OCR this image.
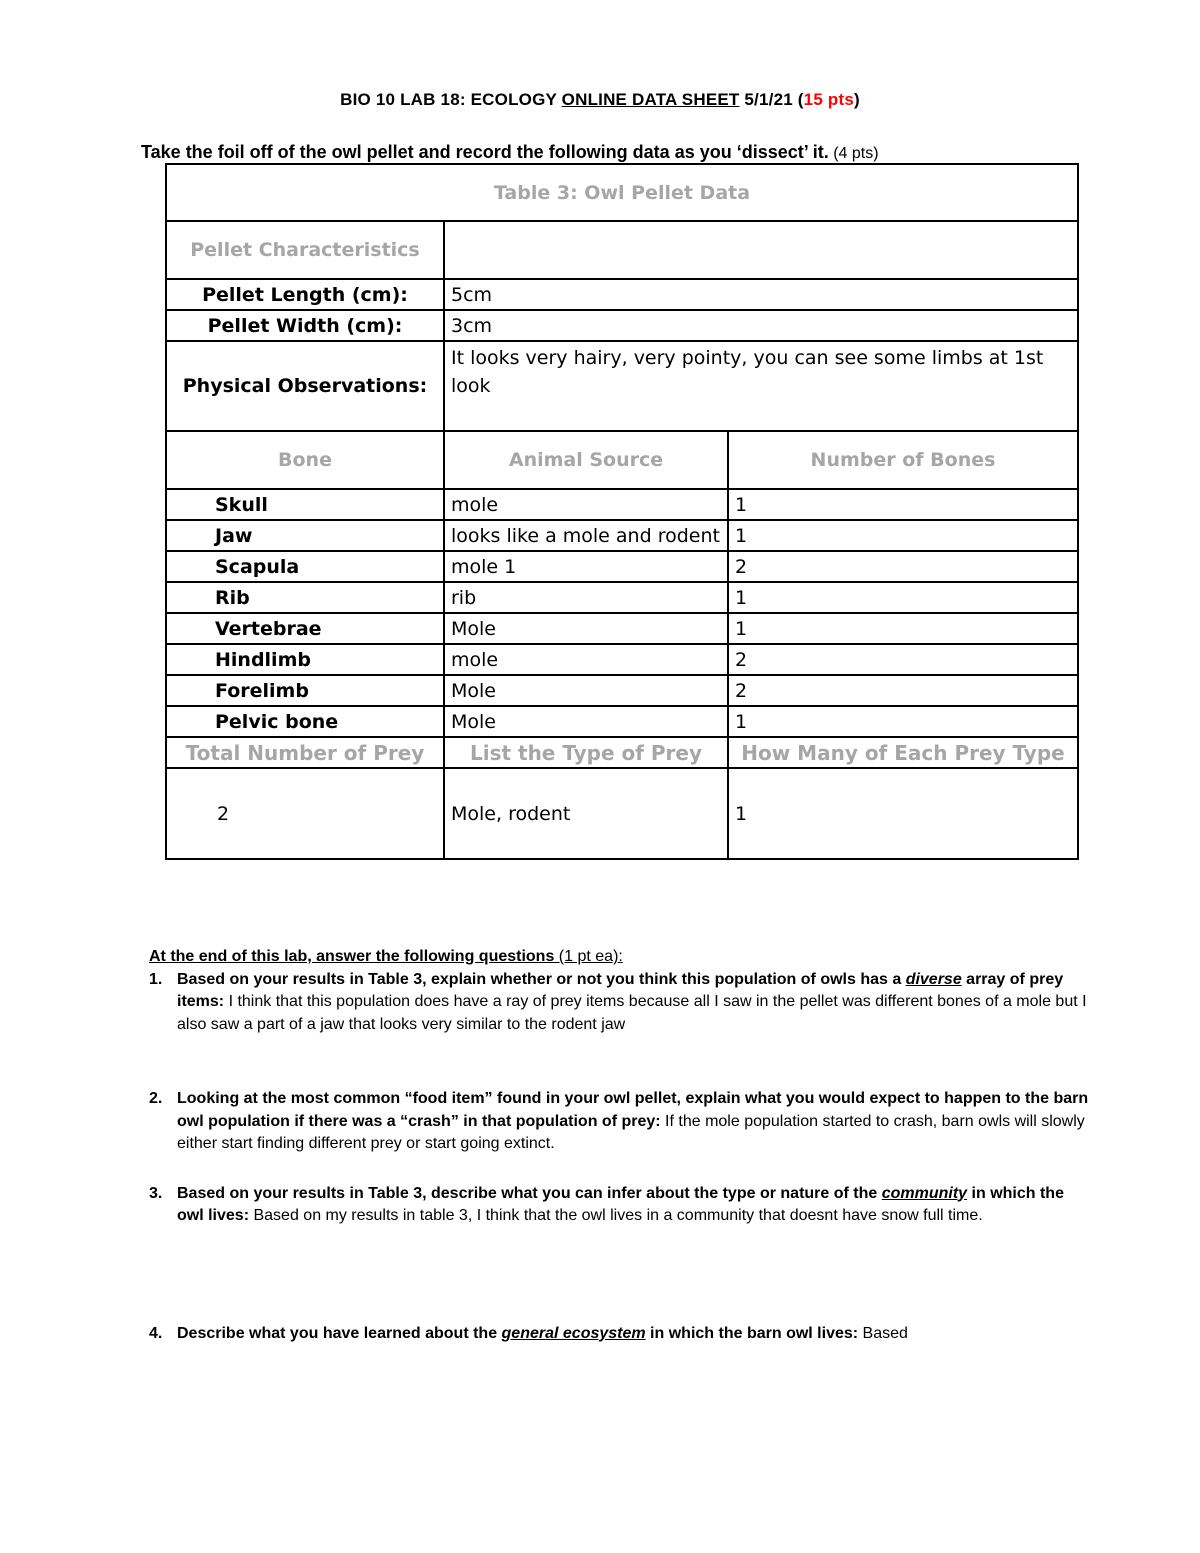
BIO 10 LAB 18: ECOLOGY ONLINE DATA SHEET 5/1/21 (15 pts)
Take the foil off of the owl pellet and record the following data as you ‘dissect’ it. (4 pts)
Table 3: Owl Pellet Data		
Pellet Characteristics		
Pellet Length (cm):	5cm	
Pellet Width (cm):	3cm	
Physical Observations:	It looks very hairy, very pointy, you can see some limbs at 1st look	
Bone	Animal Source	Number of Bones
Skull	mole	1
Jaw	looks like a mole and rodent	1
Scapula	mole 1	2
Rib	rib	1
Vertebrae	Mole	1
Hindlimb	mole	2
Forelimb	Mole	2
Pelvic bone	Mole	1
Total Number of Prey	List the Type of Prey	How Many of Each Prey Type
2	Mole, rodent	1
At the end of this lab, answer the following questions (1 pt ea):
1. Based on your results in Table 3, explain whether or not you think this population of owls has a diverse array of prey items: I think that this population does have a ray of prey items because all I saw in the pellet was different bones of a mole but I also saw a part of a jaw that looks very similar to the rodent jaw
2. Looking at the most common “food item” found in your owl pellet, explain what you would expect to happen to the barn owl population if there was a “crash” in that population of prey: If the mole population started to crash, barn owls will slowly either start finding different prey or start going extinct.
3. Based on your results in Table 3, describe what you can infer about the type or nature of the community in which the owl lives: Based on my results in table 3, I think that the owl lives in a community that doesnt have snow full time.
4. Describe what you have learned about the general ecosystem in which the barn owl lives: Based
